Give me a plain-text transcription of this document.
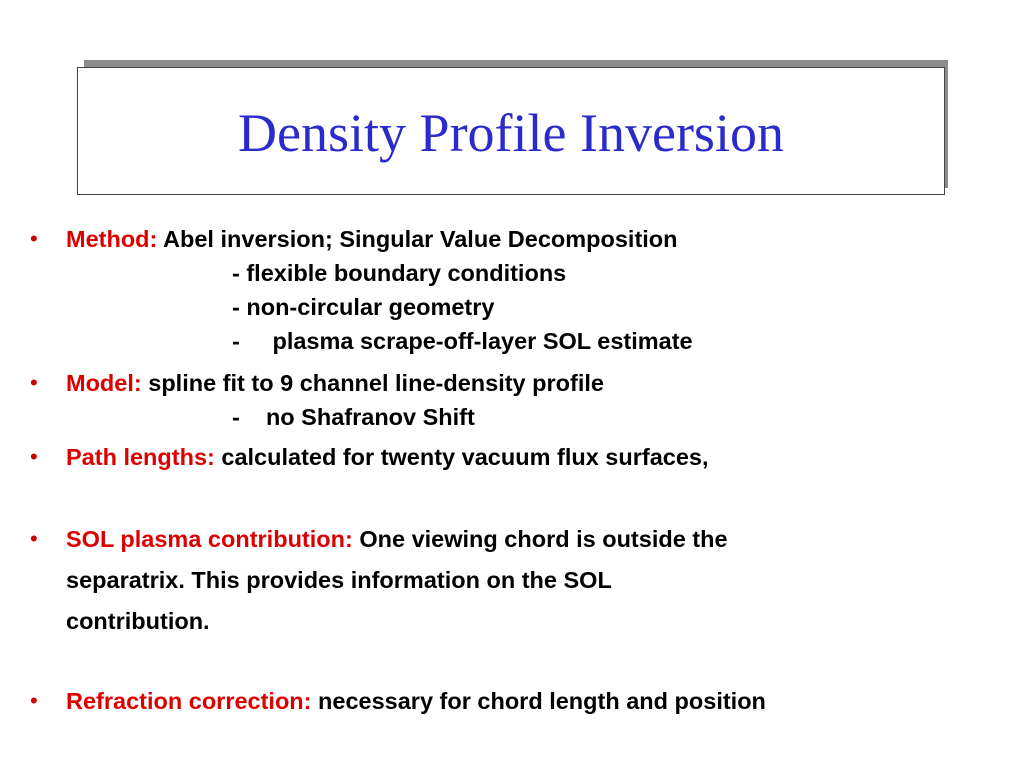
Density Profile Inversion
• Method: Abel inversion; Singular Value Decomposition
- flexible boundary conditions
- non-circular geometry
-     plasma scrape-off-layer SOL estimate
• Model: spline fit to 9 channel line-density profile
-    no Shafranov Shift
• Path lengths: calculated for twenty vacuum flux surfaces,
• SOL plasma contribution: One viewing chord is outside the
separatrix. This provides information on the SOL
contribution.
• Refraction correction: necessary for chord length and position
